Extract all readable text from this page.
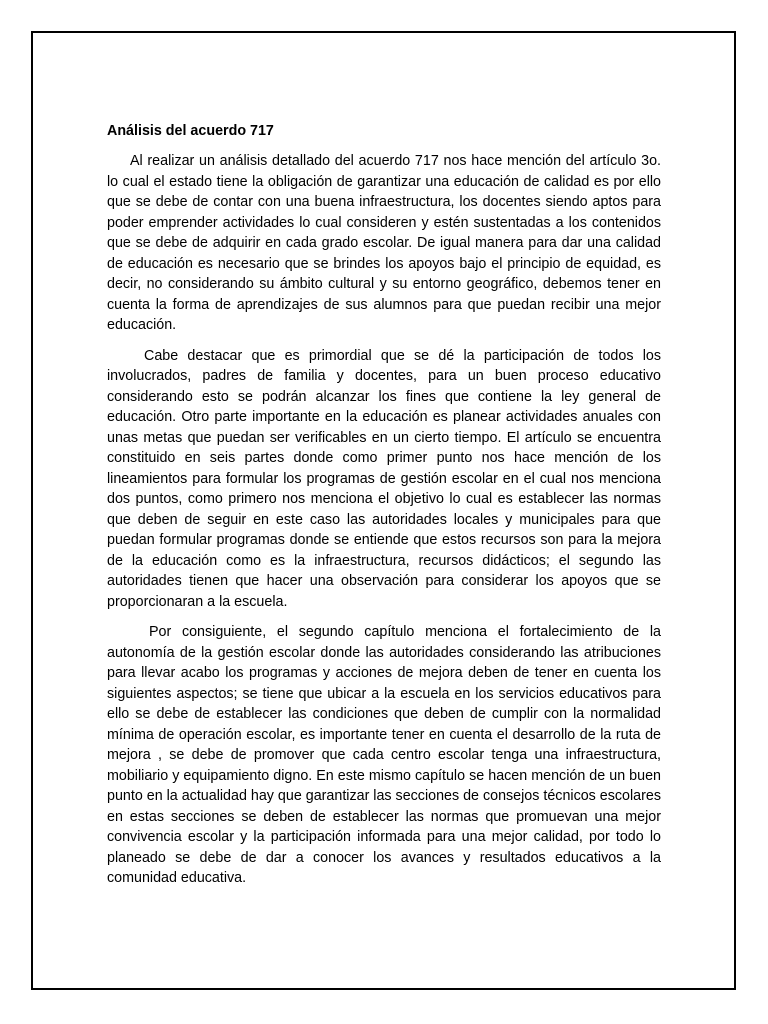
Análisis del acuerdo 717

Al realizar un análisis detallado del acuerdo 717 nos hace mención del artículo 3o. lo cual el estado tiene la obligación de garantizar una educación de calidad es por ello que se debe de contar con una buena infraestructura, los docentes siendo aptos para poder emprender actividades lo cual consideren y estén sustentadas a los contenidos que se debe de adquirir en cada grado escolar. De igual manera para dar una calidad de educación es necesario que se brindes los apoyos bajo el principio de equidad, es decir, no considerando su ámbito cultural y su entorno geográfico, debemos tener en cuenta la forma de aprendizajes de sus alumnos para que puedan recibir una mejor educación.

Cabe destacar que es primordial que se dé la participación de todos los involucrados, padres de familia y docentes, para un buen proceso educativo considerando esto se podrán alcanzar los fines que contiene la ley general de educación. Otro parte importante en la educación es planear actividades anuales con unas metas que puedan ser verificables en un cierto tiempo. El artículo se encuentra constituido en seis partes donde como primer punto nos hace mención de los lineamientos para formular los programas de gestión escolar en el cual nos menciona dos puntos, como primero nos menciona el objetivo lo cual es establecer las normas que deben de seguir en este caso las autoridades locales y municipales para que puedan formular programas donde se entiende que estos recursos son para la mejora de la educación como es la infraestructura, recursos didácticos; el segundo las autoridades tienen que hacer una observación para considerar los apoyos que se proporcionaran a la escuela.

Por consiguiente, el segundo capítulo menciona el fortalecimiento de la autonomía de la gestión escolar donde las autoridades considerando las atribuciones para llevar acabo los programas y acciones de mejora deben de tener en cuenta los siguientes aspectos; se tiene que ubicar a la escuela en los servicios educativos para ello se debe de establecer las condiciones que deben de cumplir con la normalidad mínima de operación escolar, es importante tener en cuenta el desarrollo de la ruta de mejora , se debe de promover que cada centro escolar tenga una infraestructura, mobiliario y equipamiento digno. En este mismo capítulo se hacen mención de un buen punto en la actualidad hay que garantizar las secciones de consejos técnicos escolares en estas secciones se deben de establecer las normas que promuevan una mejor convivencia escolar y la participación informada para una mejor calidad, por todo lo planeado se debe de dar a conocer los avances y resultados educativos a la comunidad educativa.
